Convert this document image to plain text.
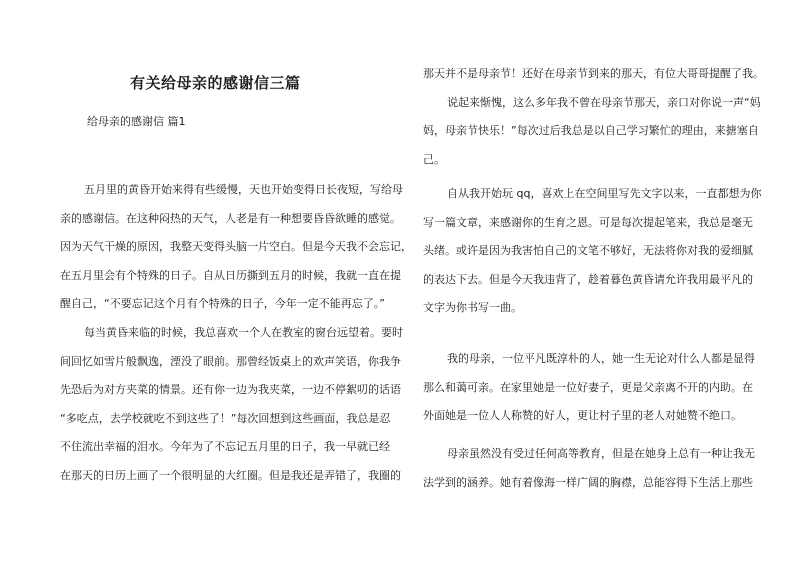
有关给母亲的感谢信三篇
给母亲的感谢信 篇1
五月里的黄昏开始来得有些缓慢，天也开始变得日长夜短，写给母
亲的感谢信。在这种闷热的天气，人老是有一种想要昏昏欲睡的感觉。
因为天气干燥的原因，我整天变得头脑一片空白。但是今天我不会忘记，
在五月里会有个特殊的日子。自从日历撕到五月的时候，我就一直在提
醒自己，“不要忘记这个月有个特殊的日子，今年一定不能再忘了。”
每当黄昏来临的时候，我总喜欢一个人在教室的窗台远望着。要时
间回忆如雪片般飘逸，湮没了眼前。那曾经饭桌上的欢声笑语，你我争
先恐后为对方夹菜的情景。还有你一边为我夹菜，一边不停絮叨的话语
“多吃点，去学校就吃不到这些了！”每次回想到这些画面，我总是忍
不住流出幸福的泪水。今年为了不忘记五月里的日子，我一早就已经
在那天的日历上画了一个很明显的大红圈。但是我还是弄错了，我圈的
那天并不是母亲节！还好在母亲节到来的那天，有位大哥哥提醒了我。
说起来惭愧，这么多年我不曾在母亲节那天，亲口对你说一声“妈
妈，母亲节快乐！”每次过后我总是以自己学习繁忙的理由，来搪塞自
己。
自从我开始玩 qq，喜欢上在空间里写先文字以来，一直都想为你
写一篇文章，来感谢你的生育之恩。可是每次提起笔来，我总是毫无
头绪。或许是因为我害怕自己的文笔不够好，无法将你对我的爱细腻
的表达下去。但是今天我违背了，趁着暮色黄昏请允许我用最平凡的
文字为你书写一曲。
我的母亲，一位平凡既淳朴的人，她一生无论对什么人都是显得
那么和蔼可亲。在家里她是一位好妻子，更是父亲离不开的内助。在
外面她是一位人人称赞的好人，更让村子里的老人对她赞不绝口。
母亲虽然没有受过任何高等教育，但是在她身上总有一种让我无
法学到的涵养。她有着像海一样广阔的胸襟，总能容得下生活上那些
